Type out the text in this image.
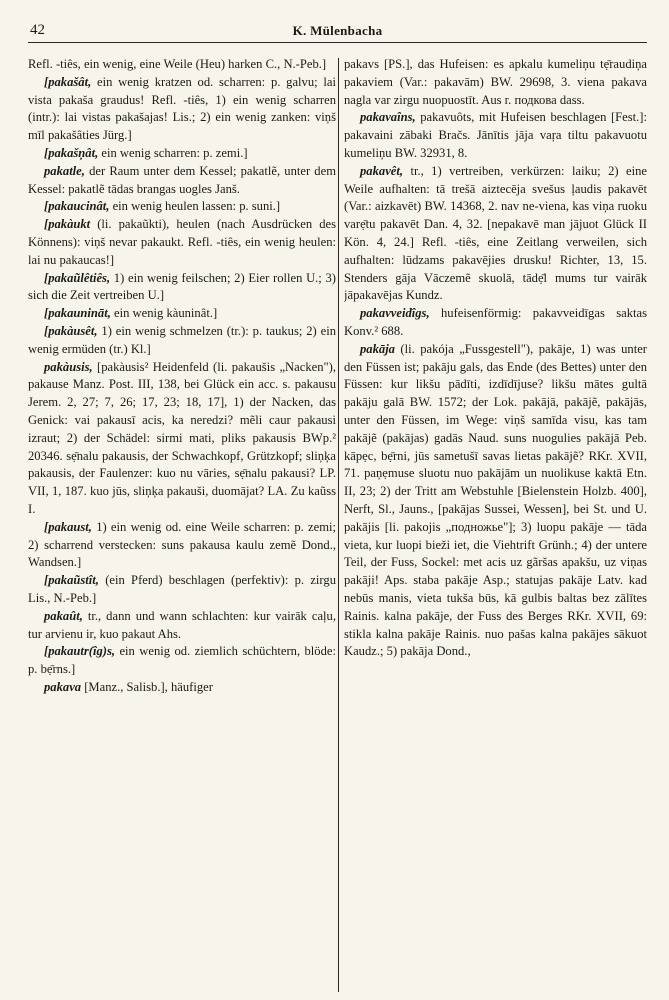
42	K. Mülenbacha

Refl. -tiês, ein wenig, eine Weile (Heu) harken C., N.-Peb.]

[pakašât, ein wenig kratzen od. scharren: p. galvu; lai vista pakaša graudus! Refl. -tiês, 1) ein wenig scharren (intr.): lai vistas pakašajas! Lis.; 2) ein wenig zanken: viņš mīl pakašâties Jürg.]

[pakašņât, ein wenig scharren: p. zemi.]

pakatle, der Raum unter dem Kessel; pakatlẽ, unter dem Kessel: pakatlẽ tādas brangas uogles Janš.

[pakaucinât, ein wenig heulen lassen: p. suni.]

[pakàukt (li. pakaũkti), heulen (nach Ausdrücken des Könnens): viņš nevar pakaukt. Refl. -tiês, ein wenig heulen: lai nu pakaucas!]

[pakaũlêtiês, 1) ein wenig feilschen; 2) Eier rollen U.; 3) sich die Zeit vertreiben U.]

[pakaunināt, ein wenig kàuninât.]

[pakàusêt, 1) ein wenig schmelzen (tr.): p. taukus; 2) ein wenig ermüden (tr.) Kl.]

pakàusis, [pakàusis² Heidenfeld (li. pakaušis „Nacken"), pakause Manz. Post. III, 138, bei Glück ein acc. s. pakausu Jerem. 2, 27; 7, 26; 17, 23; 18, 17], 1) der Nacken, das Genick: vai pakausī acis, ka neredzi? mẽli caur pakausi izraut; 2) der Schädel: sirmi mati, pliks pakausis BWp.² 20346. sẹ̄nalu pakausis, der Schwachkopf, Grützkopf; sliņķa pakausis, der Faulenzer: kuo nu vāries, sẹ̄nalu pakausi? LP. VII, 1, 187. kuo jūs, sliņķa pakauši, duomājat? LA. Zu kaũss I.

[pakaust, 1) ein wenig od. eine Weile scharren: p. zemi; 2) scharrend verstecken: suns pakausa kaulu zemẽ Dond., Wandsen.]

[pakaũstît, (ein Pferd) beschlagen (perfektiv): p. zirgu Lis., N.-Peb.]

pakaût, tr., dann und wann schlachten: kur vairāk caļu, tur arvienu ir, kuo pakaut Ahs.

[pakautr(îg)s, ein wenig od. ziemlich schüchtern, blöde: p. bẹ̄rns.]

pakava [Manz., Salisb.], häufiger

pakavs [PS.], das Hufeisen: es apkalu kumeliņu tẹ̄raudiņa pakaviem (Var.: pakavām) BW. 29698, 3. viena pakava nagla var zirgu nuopuostīt. Aus r. подкова dass.

pakavaîns, pakavuôts, mit Hufeisen beschlagen [Fest.]: pakavaini zābaki Bračs. Jānītis jāja vaŗa tiltu pakavuotu kumeliņu BW. 32931, 8.

pakavêt, tr., 1) vertreiben, verkürzen: laiku; 2) eine Weile aufhalten: tā trešā aiztecēja svešus ļaudis pakavēt (Var.: aizkavēt) BW. 14368, 2. nav ne-viena, kas viņa ruoku varẹ̄tu pakavēt Dan. 4, 32. [nepakavē man jājuot Glück II Kön. 4, 24.] Refl. -tiês, eine Zeitlang verweilen, sich aufhalten: lūdzams pakavējies drusku! Richter, 13, 15. Stenders gāja Vāczemẽ skuolā, tādẹ̄l mums tur vairāk jāpakavējas Kundz.

pakavveidîgs, hufeisenförmig: pakavveidīgas saktas Konv.² 688.

pakāja (li. pakója „Fussgestell"), pakāje, 1) was unter den Füssen ist; pakāju gals, das Ende (des Bettes) unter den Füssen: kur likšu pādīti, izdīdījuse? likšu mātes gultā pakāju galā BW. 1572; der Lok. pakājā, pakājẽ, pakājās, unter den Füssen, im Wege: viņš samīda visu, kas tam pakājẽ (pakājas) gadās Naud. suns nuogulies pakājā Peb. kāpẹc, bẹ̄rni, jūs sametušī savas lietas pakājẽ? RKr. XVII, 71. paņẹmuse sluotu nuo pakājām un nuolikuse kaktā Etn. II, 23; 2) der Tritt am Webstuhle [Bielenstein Holzb. 400], Nerft, Sl., Jauns., [pakājas Sussei, Wessen], bei St. und U. pakājis [li. pakojis „подножье"]; 3) luopu pakāje — tāda vieta, kur luopi bieži iet, die Viehtrift Grünh.; 4) der untere Teil, der Fuss, Sockel: met acis uz gãršas apakšu, uz viņas pakāji! Aps. staba pakāje Asp.; statujas pakāje Latv. kad nebūs manis, vieta tukša būs, kā gulbis baltas bez zālītes Rainis. kalna pakāje, der Fuss des Berges RKr. XVII, 69: stikla kalna pakāje Rainis. nuo pašas kalna pakājes sākuot Kaudz.; 5) pakāja Dond.,
